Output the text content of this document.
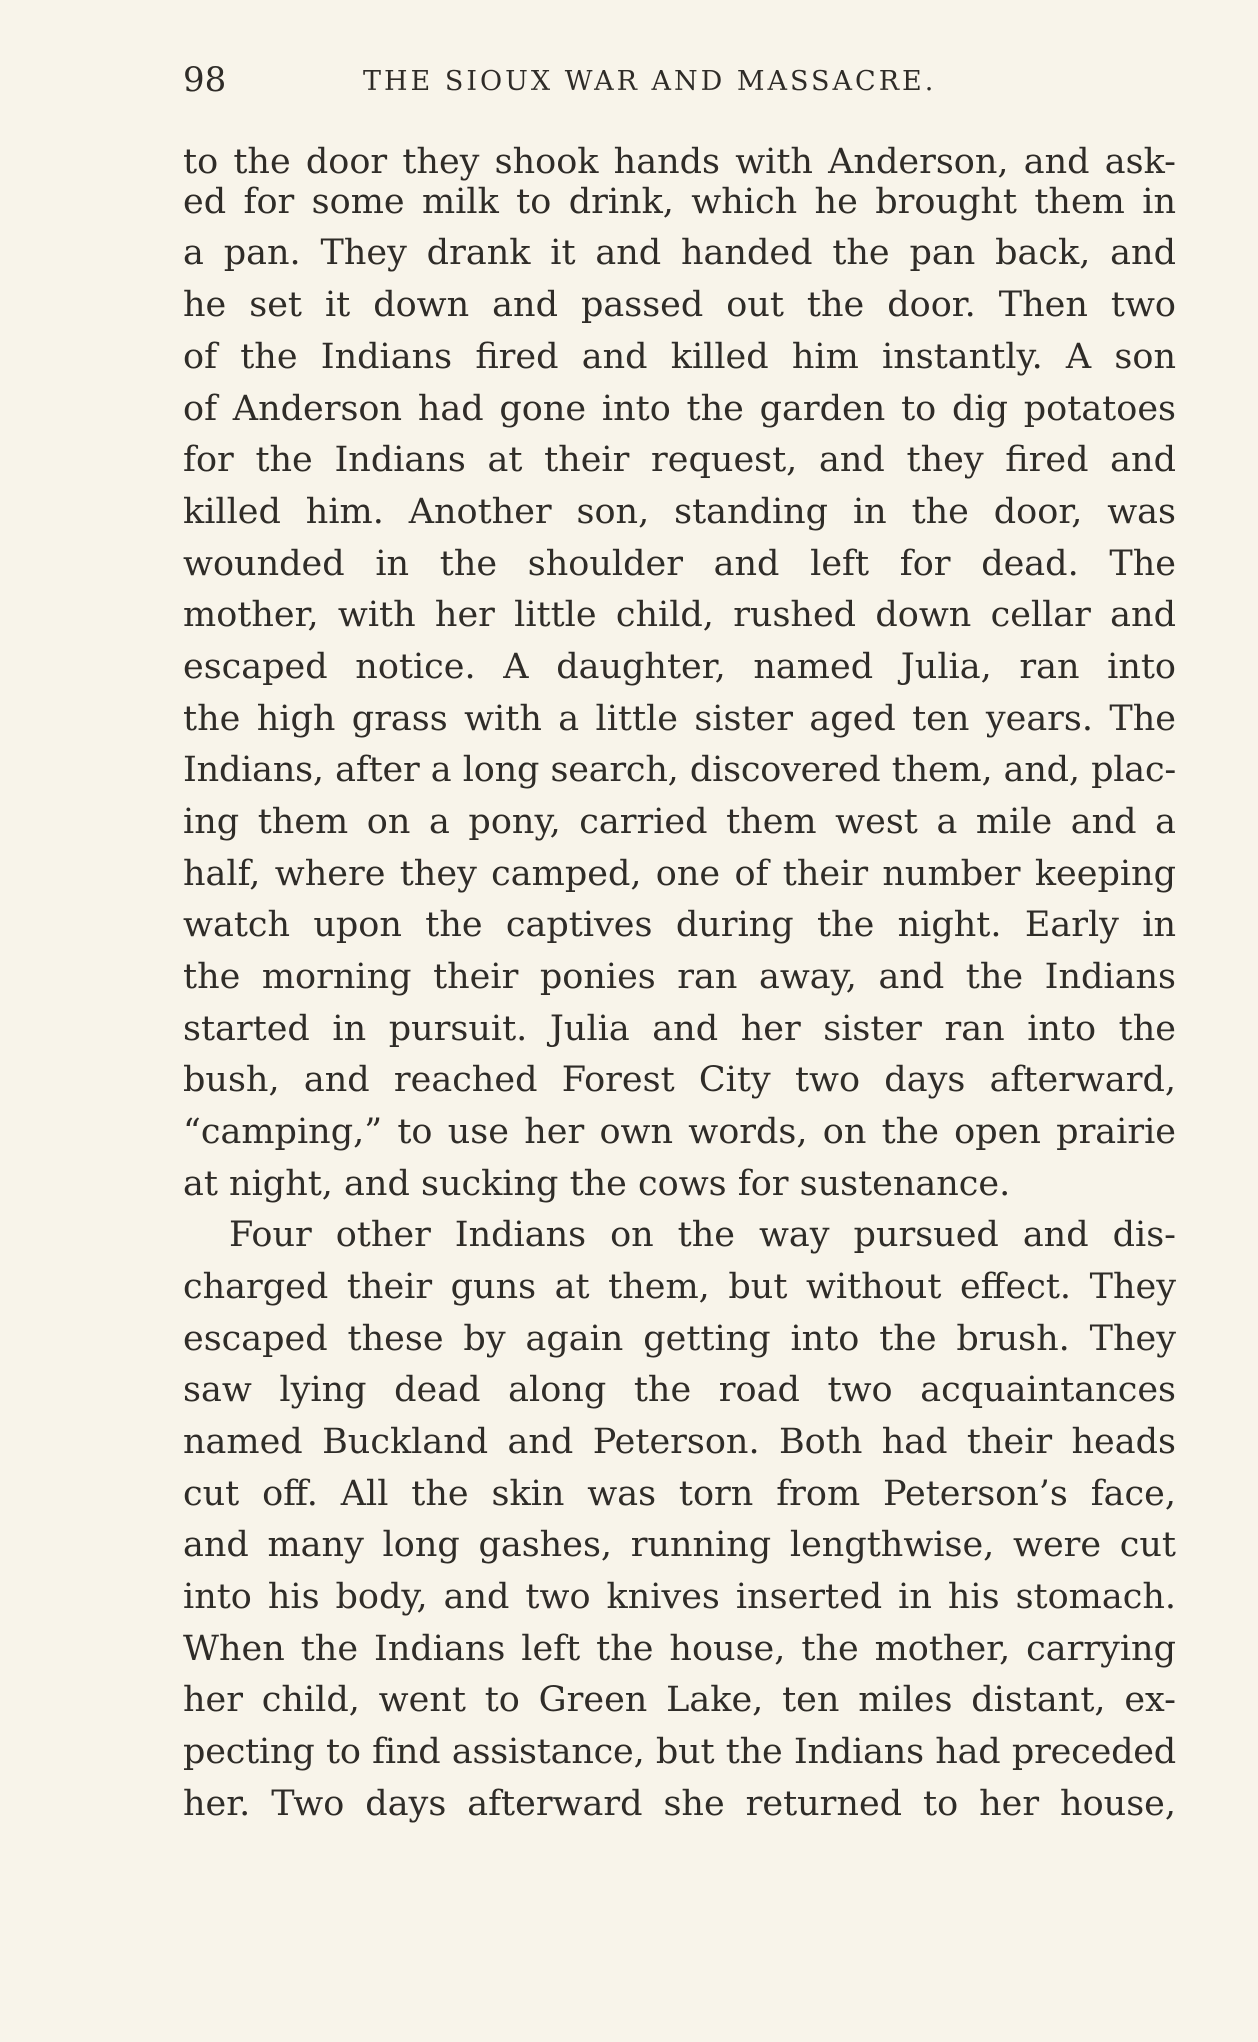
98	THE SIOUX WAR AND MASSACRE.
to the door they shook hands with Anderson, and ask-
ed for some milk to drink, which he brought them in
a pan. They drank it and handed the pan back, and
he set it down and passed out the door. Then two
of the Indians fired and killed him instantly. A son
of Anderson had gone into the garden to dig potatoes
for the Indians at their request, and they fired and
killed him. Another son, standing in the door, was
wounded in the shoulder and left for dead. The
mother, with her little child, rushed down cellar and
escaped notice. A daughter, named Julia, ran into
the high grass with a little sister aged ten years. The
Indians, after a long search, discovered them, and, plac-
ing them on a pony, carried them west a mile and a
half, where they camped, one of their number keeping
watch upon the captives during the night. Early in
the morning their ponies ran away, and the Indians
started in pursuit. Julia and her sister ran into the
bush, and reached Forest City two days afterward,
“camping,” to use her own words, on the open prairie
at night, and sucking the cows for sustenance.
Four other Indians on the way pursued and dis-
charged their guns at them, but without effect. They
escaped these by again getting into the brush. They
saw lying dead along the road two acquaintances
named Buckland and Peterson. Both had their heads
cut off. All the skin was torn from Peterson’s face,
and many long gashes, running lengthwise, were cut
into his body, and two knives inserted in his stomach.
When the Indians left the house, the mother, carrying
her child, went to Green Lake, ten miles distant, ex-
pecting to find assistance, but the Indians had preceded
her. Two days afterward she returned to her house,
